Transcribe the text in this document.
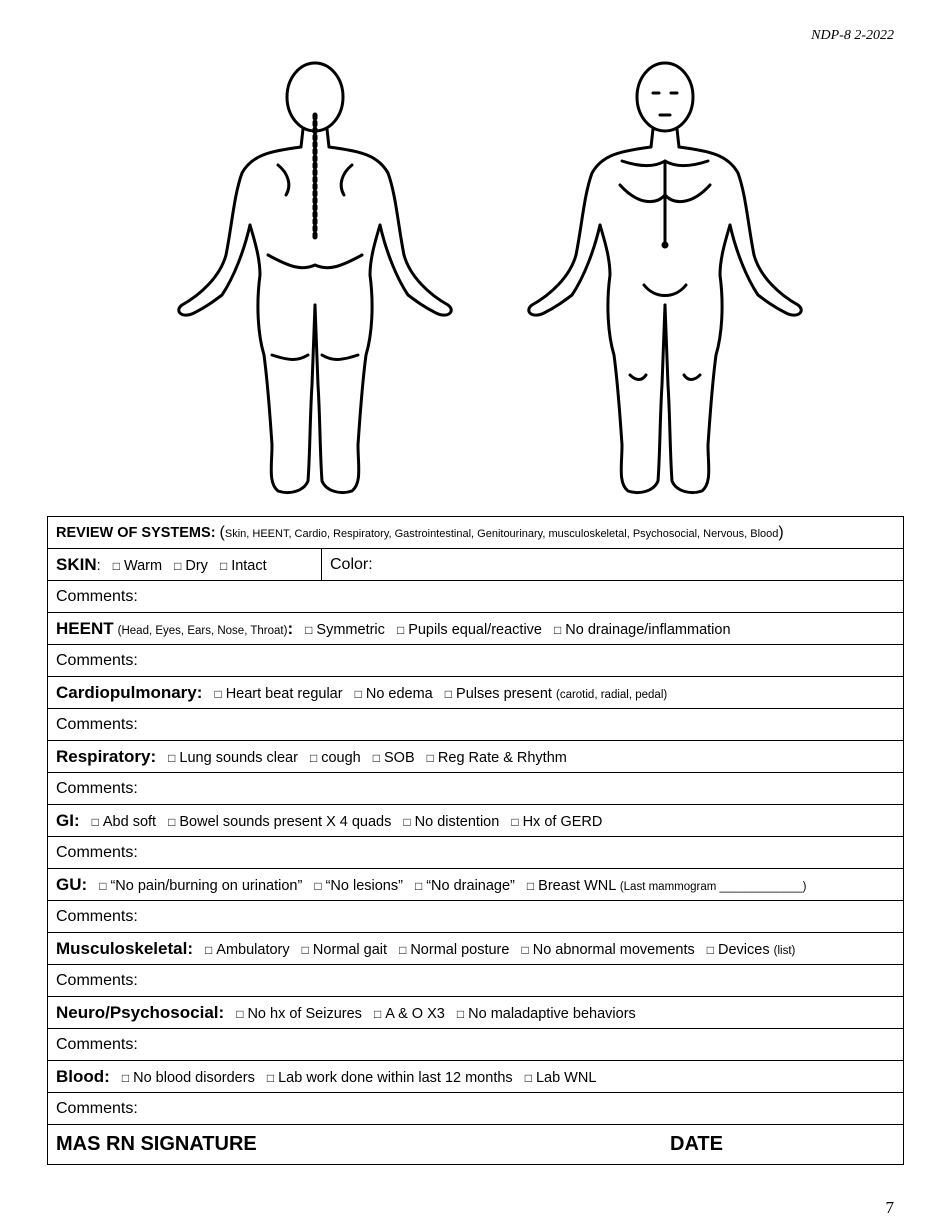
NDP-8 2-2022
REVIEW OF SYSTEMS: (Skin, HEENT, Cardio, Respiratory, Gastrointestinal, Genitourinary, musculoskeletal, Psychosocial, Nervous, Blood)
SKIN: □ Warm □ Dry □ Intact	Color:
Comments:
HEENT (Head, Eyes, Ears, Nose, Throat): □ Symmetric □ Pupils equal/reactive □ No drainage/inflammation
Comments:
Cardiopulmonary: □ Heart beat regular □ No edema □ Pulses present (carotid, radial, pedal)
Comments:
Respiratory: □ Lung sounds clear □ cough □ SOB □ Reg Rate & Rhythm
Comments:
GI: □ Abd soft □ Bowel sounds present X 4 quads □ No distention □ Hx of GERD
Comments:
GU: □ “No pain/burning on urination” □ “No lesions” □ “No drainage” □ Breast WNL (Last mammogram _____________)
Comments:
Musculoskeletal: □ Ambulatory □ Normal gait □ Normal posture □ No abnormal movements □ Devices (list)
Comments:
Neuro/Psychosocial: □ No hx of Seizures □ A & O X3 □ No maladaptive behaviors
Comments:
Blood: □ No blood disorders □ Lab work done within last 12 months □ Lab WNL
Comments:
MAS RN SIGNATURE	DATE
7
